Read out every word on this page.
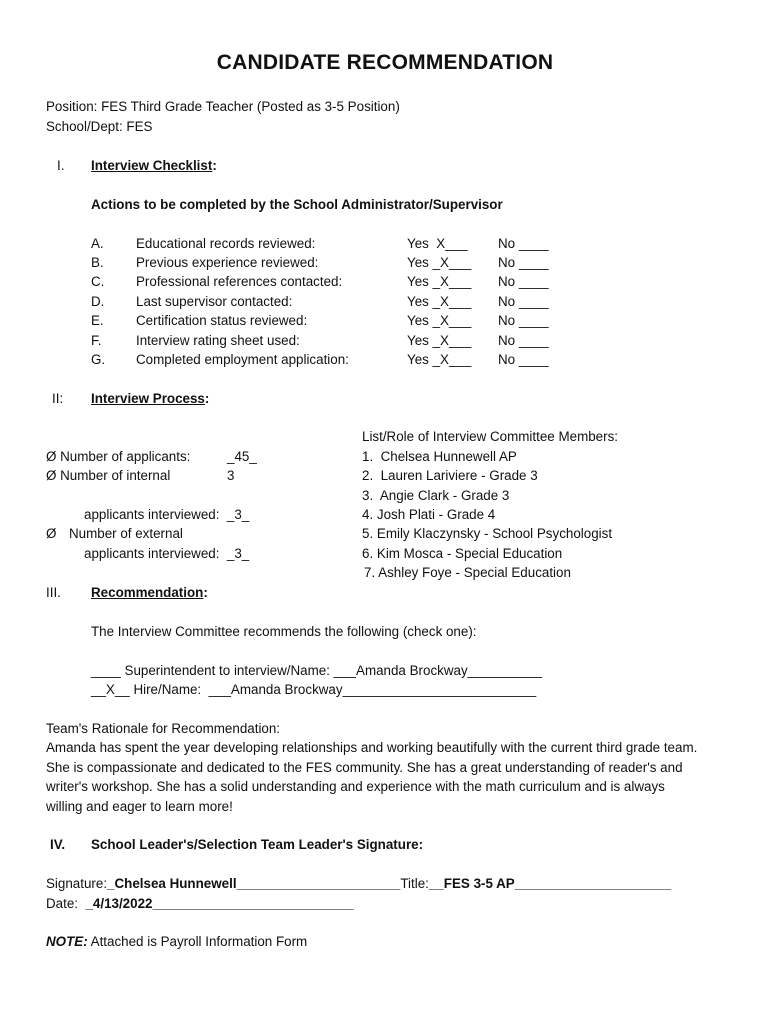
CANDIDATE RECOMMENDATION
Position: FES Third Grade Teacher (Posted as 3-5 Position)
School/Dept: FES
I. Interview Checklist:
Actions to be completed by the School Administrator/Supervisor
A. Educational records reviewed:	Yes  X___ No ____
B. Previous experience reviewed:	Yes _X___ No ____
C. Professional references contacted:	Yes _X___ No ____
D. Last supervisor contacted:	Yes _X___ No ____
E. Certification status reviewed:	Yes _X___ No ____
F.	Interview rating sheet used:	Yes _X___ No ____
G. Completed employment application:	Yes _X___ No ____
II: Interview Process:
Ø Number of applicants:	_45_
Ø Number of internal	3
applicants interviewed:  _3_
Ø Number of external
applicants interviewed:  _3_
List/Role of Interview Committee Members:
1.  Chelsea Hunnewell AP
2.  Lauren Lariviere - Grade 3
3.  Angie Clark - Grade 3
4. Josh Plati - Grade 4
5. Emily Klaczynsky - School Psychologist
6. Kim Mosca - Special Education
7. Ashley Foye - Special Education
III. Recommendation:
The Interview Committee recommends the following (check one):
____ Superintendent to interview/Name: ___Amanda Brockway__________
__X__ Hire/Name:  ___Amanda Brockway__________________________
Team's Rationale for Recommendation:
Amanda has spent the year developing relationships and working beautifully with the current third grade team.
She is compassionate and dedicated to the FES community. She has a great understanding of reader's and
writer's workshop. She has a solid understanding and experience with the math curriculum and is always
willing and eager to learn more!
IV. School Leader's/Selection Team Leader's Signature:
Signature:_Chelsea Hunnewell______________________Title:__FES 3-5 AP_____________________
Date:  _4/13/2022___________________________
NOTE: Attached is Payroll Information Form
